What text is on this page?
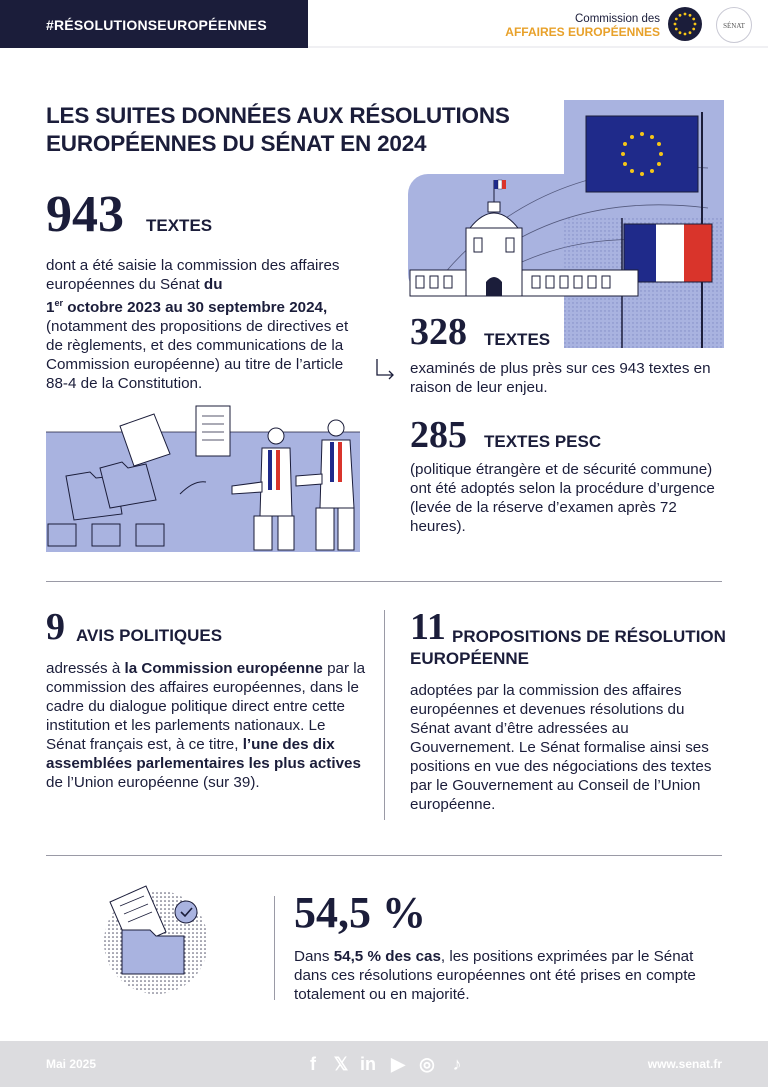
#RÉSOLUTIONSEUROPÉENNES	Commission des
AFFAIRES EUROPÉENNES	SÉNAT
LES SUITES DONNÉES AUX RÉSOLUTIONS
EUROPÉENNES DU SÉNAT EN 2024
943 TEXTES
dont a été saisie la commission des affaires européennes du Sénat du
1er octobre 2023 au 30 septembre 2024, (notamment des propositions de directives et de règlements, et des communications de la Commission européenne) au titre de l’article 88-4 de la Constitution.
328 TEXTES
examinés de plus près sur ces 943 textes en raison de leur enjeu.
285 TEXTES PESC
(politique étrangère et de sécurité commune) ont été adoptés selon la procédure d’urgence (levée de la réserve d’examen après 72 heures).
9 AVIS POLITIQUES
adressés à la Commission européenne par la commission des affaires européennes, dans le cadre du dialogue politique direct entre cette institution et les parlements nationaux. Le Sénat français est, à ce titre, l’une des dix assemblées parlementaires les plus actives de l’Union européenne (sur 39).
11 PROPOSITIONS DE RÉSOLUTION EUROPÉENNE
adoptées par la commission des affaires européennes et devenues résolutions du Sénat avant d’être adressées au Gouvernement. Le Sénat formalise ainsi ses positions en vue des négociations des textes par le Gouvernement au Conseil de l’Union européenne.
54,5 %
Dans 54,5 % des cas, les positions exprimées par le Sénat dans ces résolutions européennes ont été prises en compte totalement ou en majorité.
Mai 2025	f 𝕏 in ▶ ◎ ♪	www.senat.fr
